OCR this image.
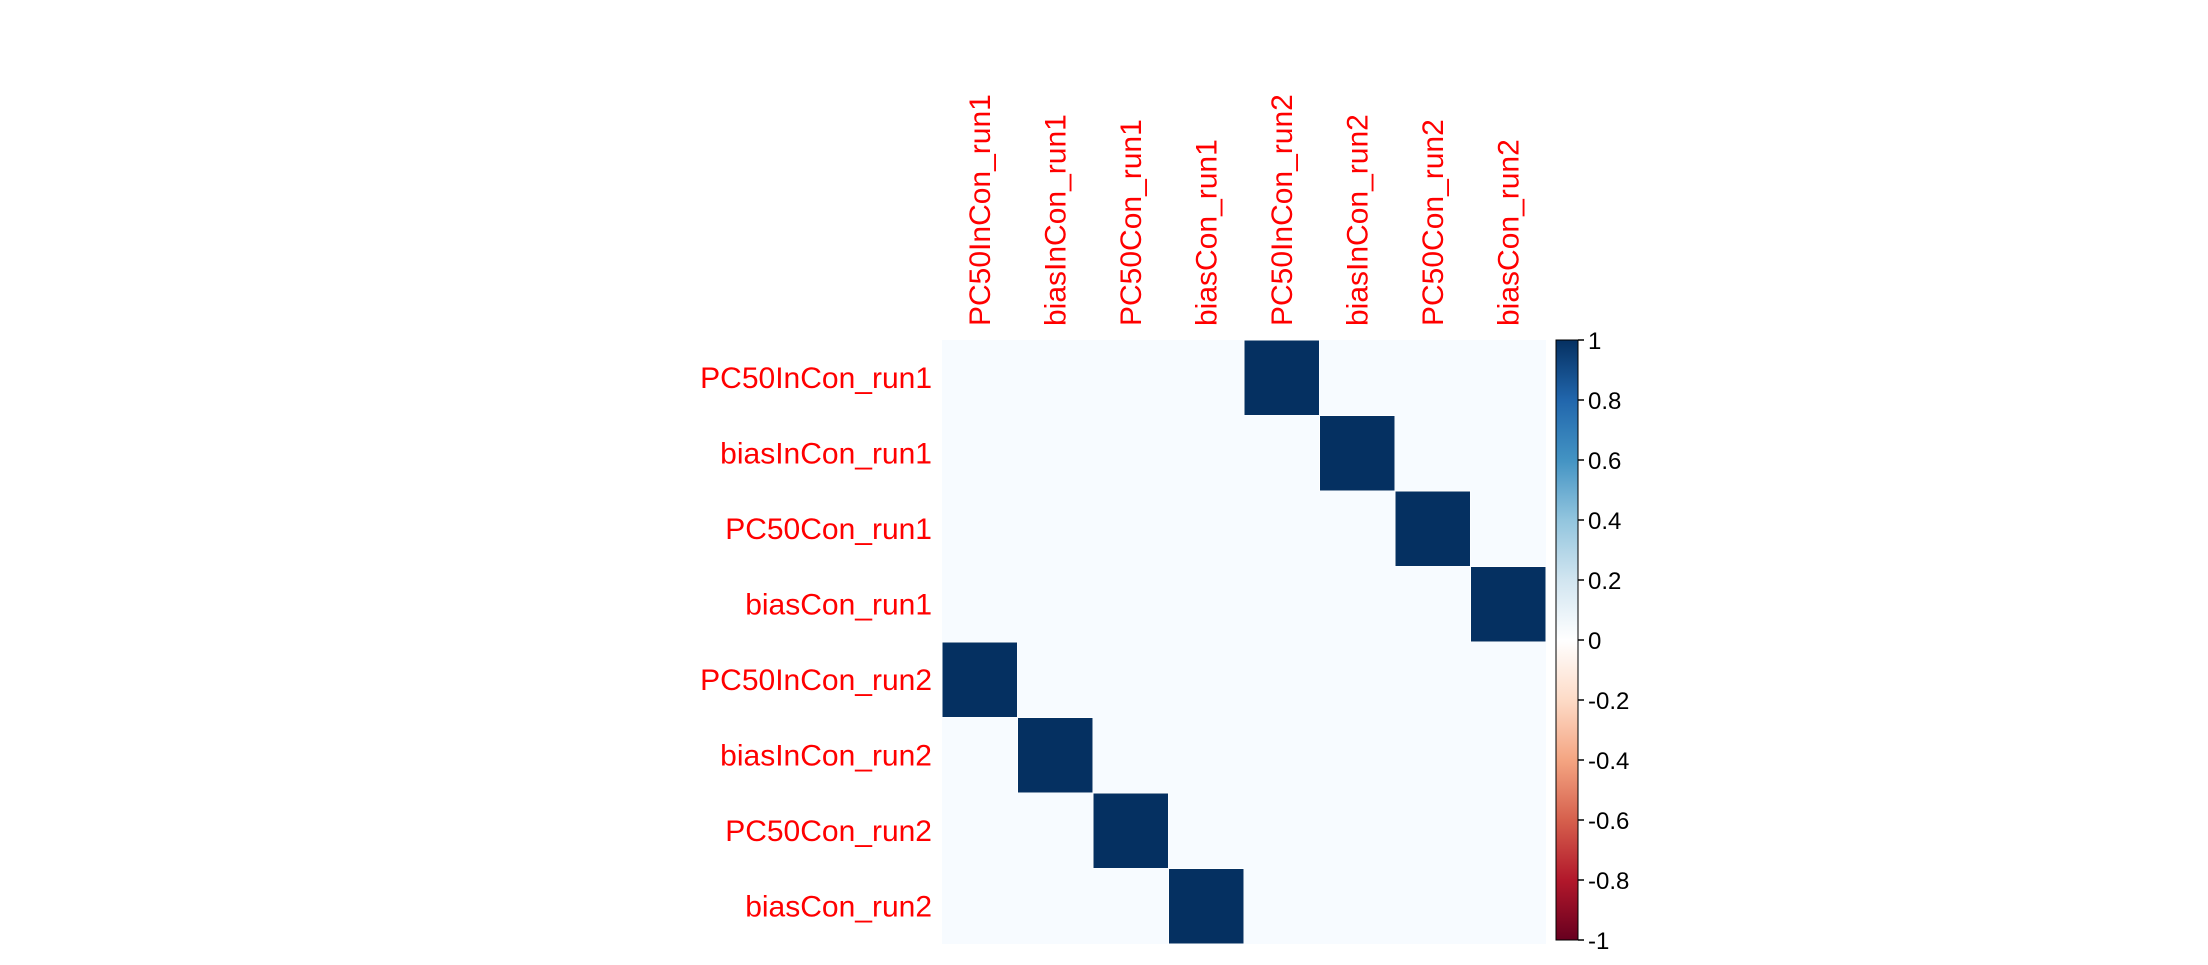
PC50InCon_run1
biasInCon_run1
PC50Con_run1
biasCon_run1
PC50InCon_run2
biasInCon_run2
PC50Con_run2
biasCon_run2
PC50InCon_run1 biasInCon_run1 PC50Con_run1 biasCon_run1 PC50InCon_run2 biasInCon_run2 PC50Con_run2 biasCon_run2
1
0.8
0.6
0.4
0.2
0
-0.2
-0.4
-0.6
-0.8
-1
